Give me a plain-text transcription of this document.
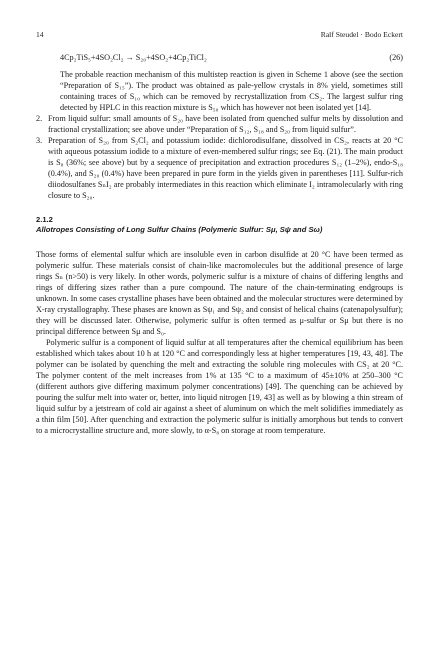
14	Ralf Steudel · Bodo Eckert
4Cp₂TiS₅+4SO₂Cl₂ → S₂₀+4SO₂+4Cp₂TiCl₂	(26)

The probable reaction mechanism of this multistep reaction is given in Scheme 1 above (see the section “Preparation of S₁₅”). The product was obtained as pale-yellow crystals in 8% yield, sometimes still containing traces of S₁₀ which can be removed by recrystallization from CS₂. The largest sulfur ring detected by HPLC in this reaction mixture is S₅₀ which has however not been isolated yet [14].

2. From liquid sulfur: small amounts of S₂₀ have been isolated from quenched sulfur melts by dissolution and fractional crystallization; see above under “Preparation of S₁₂, S₁₈ and S₂₀ from liquid sulfur”.
3. Preparation of S₂₀ from S₂Cl₂ and potassium iodide: dichlorodisulfane, dissolved in CS₂, reacts at 20 °C with aqueous potassium iodide to a mixture of even-membered sulfur rings; see Eq. (21). The main product is S₈ (36%; see above) but by a sequence of precipitation and extraction procedures S₁₂ (1–2%), endo-S₁₈ (0.4%), and S₂₀ (0.4%) have been prepared in pure form in the yields given in parentheses [11]. Sulfur-rich diiodosulfanes SₙI₂ are probably intermediates in this reaction which eliminate I₂ intramolecularly with ring closure to S₂₀.
2.1.2
Allotropes Consisting of Long Sulfur Chains (Polymeric Sulfur: Sμ, Sψ and Sω)

Those forms of elemental sulfur which are insoluble even in carbon disulfide at 20 °C have been termed as polymeric sulfur. These materials consist of chain-like macromolecules but the additional presence of large rings Sₙ (n>50) is very likely. In other words, polymeric sulfur is a mixture of chains of differing lengths and rings of differing sizes rather than a pure compound. The nature of the chain-terminating endgroups is unknown. In some cases crystalline phases have been obtained and the molecular structures were determined by X-ray crystallography. These phases are known as Sψ₁ and Sψ₂ and consist of helical chains (catenapolysulfur); they will be discussed later. Otherwise, polymeric sulfur is often termed as μ-sulfur or Sμ but there is no principal difference between Sμ and S₀.

Polymeric sulfur is a component of liquid sulfur at all temperatures after the chemical equilibrium has been established which takes about 10 h at 120 °C and correspondingly less at higher temperatures [19, 43, 48]. The polymer can be isolated by quenching the melt and extracting the soluble ring molecules with CS₂ at 20 °C. The polymer content of the melt increases from 1% at 135 °C to a maximum of 45±10% at 250–300 °C (different authors give differing maximum polymer concentrations) [49]. The quenching can be achieved by pouring the sulfur melt into water or, better, into liquid nitrogen [19, 43] as well as by blowing a thin stream of liquid sulfur by a jetstream of cold air against a sheet of aluminum on which the melt solidifies immediately as a thin film [50]. After quenching and extraction the polymeric sulfur is initially amorphous but tends to convert to a microcrystalline structure and, more slowly, to α-S₈ on storage at room temperature.
